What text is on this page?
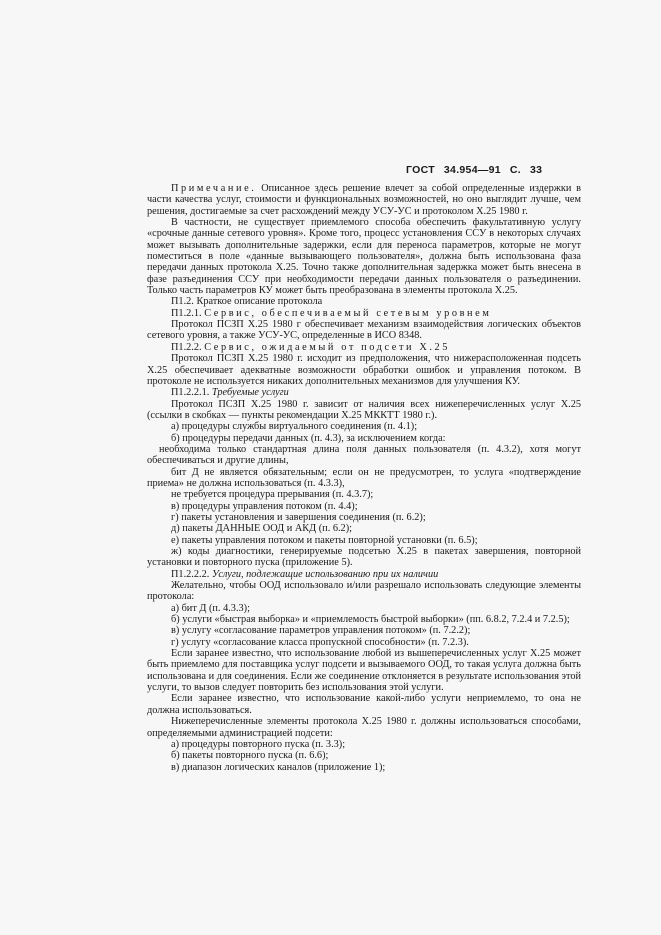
ГОСТ 34.954—91 С. 33

Примечание. Описанное здесь решение влечет за собой определенные издержки в части качества услуг, стоимости и функциональных возможностей, но оно выглядит лучше, чем решения, достигаемые за счет расхождений между УСУ-УС и протоколом X.25 1980 г.

В частности, не существует приемлемого способа обеспечить факультативную услугу «срочные данные сетевого уровня». Кроме того, процесс установления ССУ в некоторых случаях может вызывать дополнительные задержки, если для переноса параметров, которые не могут поместиться в поле «данные вызывающего пользователя», должна быть использована фаза передачи данных протокола X.25. Точно также дополнительная задержка может быть внесена в фазе разъединения ССУ при необходимости передачи данных пользователя о разъединении. Только часть параметров КУ может быть преобразована в элементы протокола X.25.

П1.2. Краткое описание протокола

П1.2.1. Сервис, обеспечиваемый сетевым уровнем

Протокол ПСЗП X.25 1980 г обеспечивает механизм взаимодействия логических объектов сетевого уровня, а также УСУ-УС, определенные в ИСО 8348.

П1.2.2. Сервис, ожидаемый от подсети X.25

Протокол ПСЗП X.25 1980 г. исходит из предположения, что нижерасположенная подсеть X.25 обеспечивает адекватные возможности обработки ошибок и управления потоком. В протоколе не используется никаких дополнительных механизмов для улучшения КУ.

П1.2.2.1. Требуемые услуги

Протокол ПСЗП X.25 1980 г. зависит от наличия всех нижеперечисленных услуг X.25 (ссылки в скобках — пункты рекомендации X.25 МККТТ 1980 г.).

а) процедуры службы виртуального соединения (п. 4.1);

б) процедуры передачи данных (п. 4.3), за исключением когда:

необходима только стандартная длина поля данных пользователя (п. 4.3.2), хотя могут обеспечиваться и другие длины,

бит Д не является обязательным; если он не предусмотрен, то услуга «подтверждение приема» не должна использоваться (п. 4.3.3),

не требуется процедура прерывания (п. 4.3.7);

в) процедуры управления потоком (п. 4.4);

г) пакеты установления и завершения соединения (п. 6.2);

д) пакеты ДАННЫЕ ООД и АКД (п. 6.2);

е) пакеты управления потоком и пакеты повторной установки (п. 6.5);

ж) коды диагностики, генерируемые подсетью X.25 в пакетах завершения, повторной установки и повторного пуска (приложение 5).

П1.2.2.2. Услуги, подлежащие использованию при их наличии

Желательно, чтобы ООД использовало и/или разрешало использовать следующие элементы протокола:

а) бит Д (п. 4.3.3);

б) услуги «быстрая выборка» и «приемлемость быстрой выборки» (пп. 6.8.2, 7.2.4 и 7.2.5);

в) услугу «согласование параметров управления потоком» (п. 7.2.2);

г) услугу «согласование класса пропускной способности» (п. 7.2.3).

Если заранее известно, что использование любой из вышеперечисленных услуг X.25 может быть приемлемо для поставщика услуг подсети и вызываемого ООД, то такая услуга должна быть использована и для соединения. Если же соединение отклоняется в результате использования этой услуги, то вызов следует повторить без использования этой услуги.

Если заранее известно, что использование какой-либо услуги неприемлемо, то она не должна использоваться.

Нижеперечисленные элементы протокола X.25 1980 г. должны использоваться способами, определяемыми администрацией подсети:

а) процедуры повторного пуска (п. 3.3);

б) пакеты повторного пуска (п. 6.6);

в) диапазон логических каналов (приложение 1);
